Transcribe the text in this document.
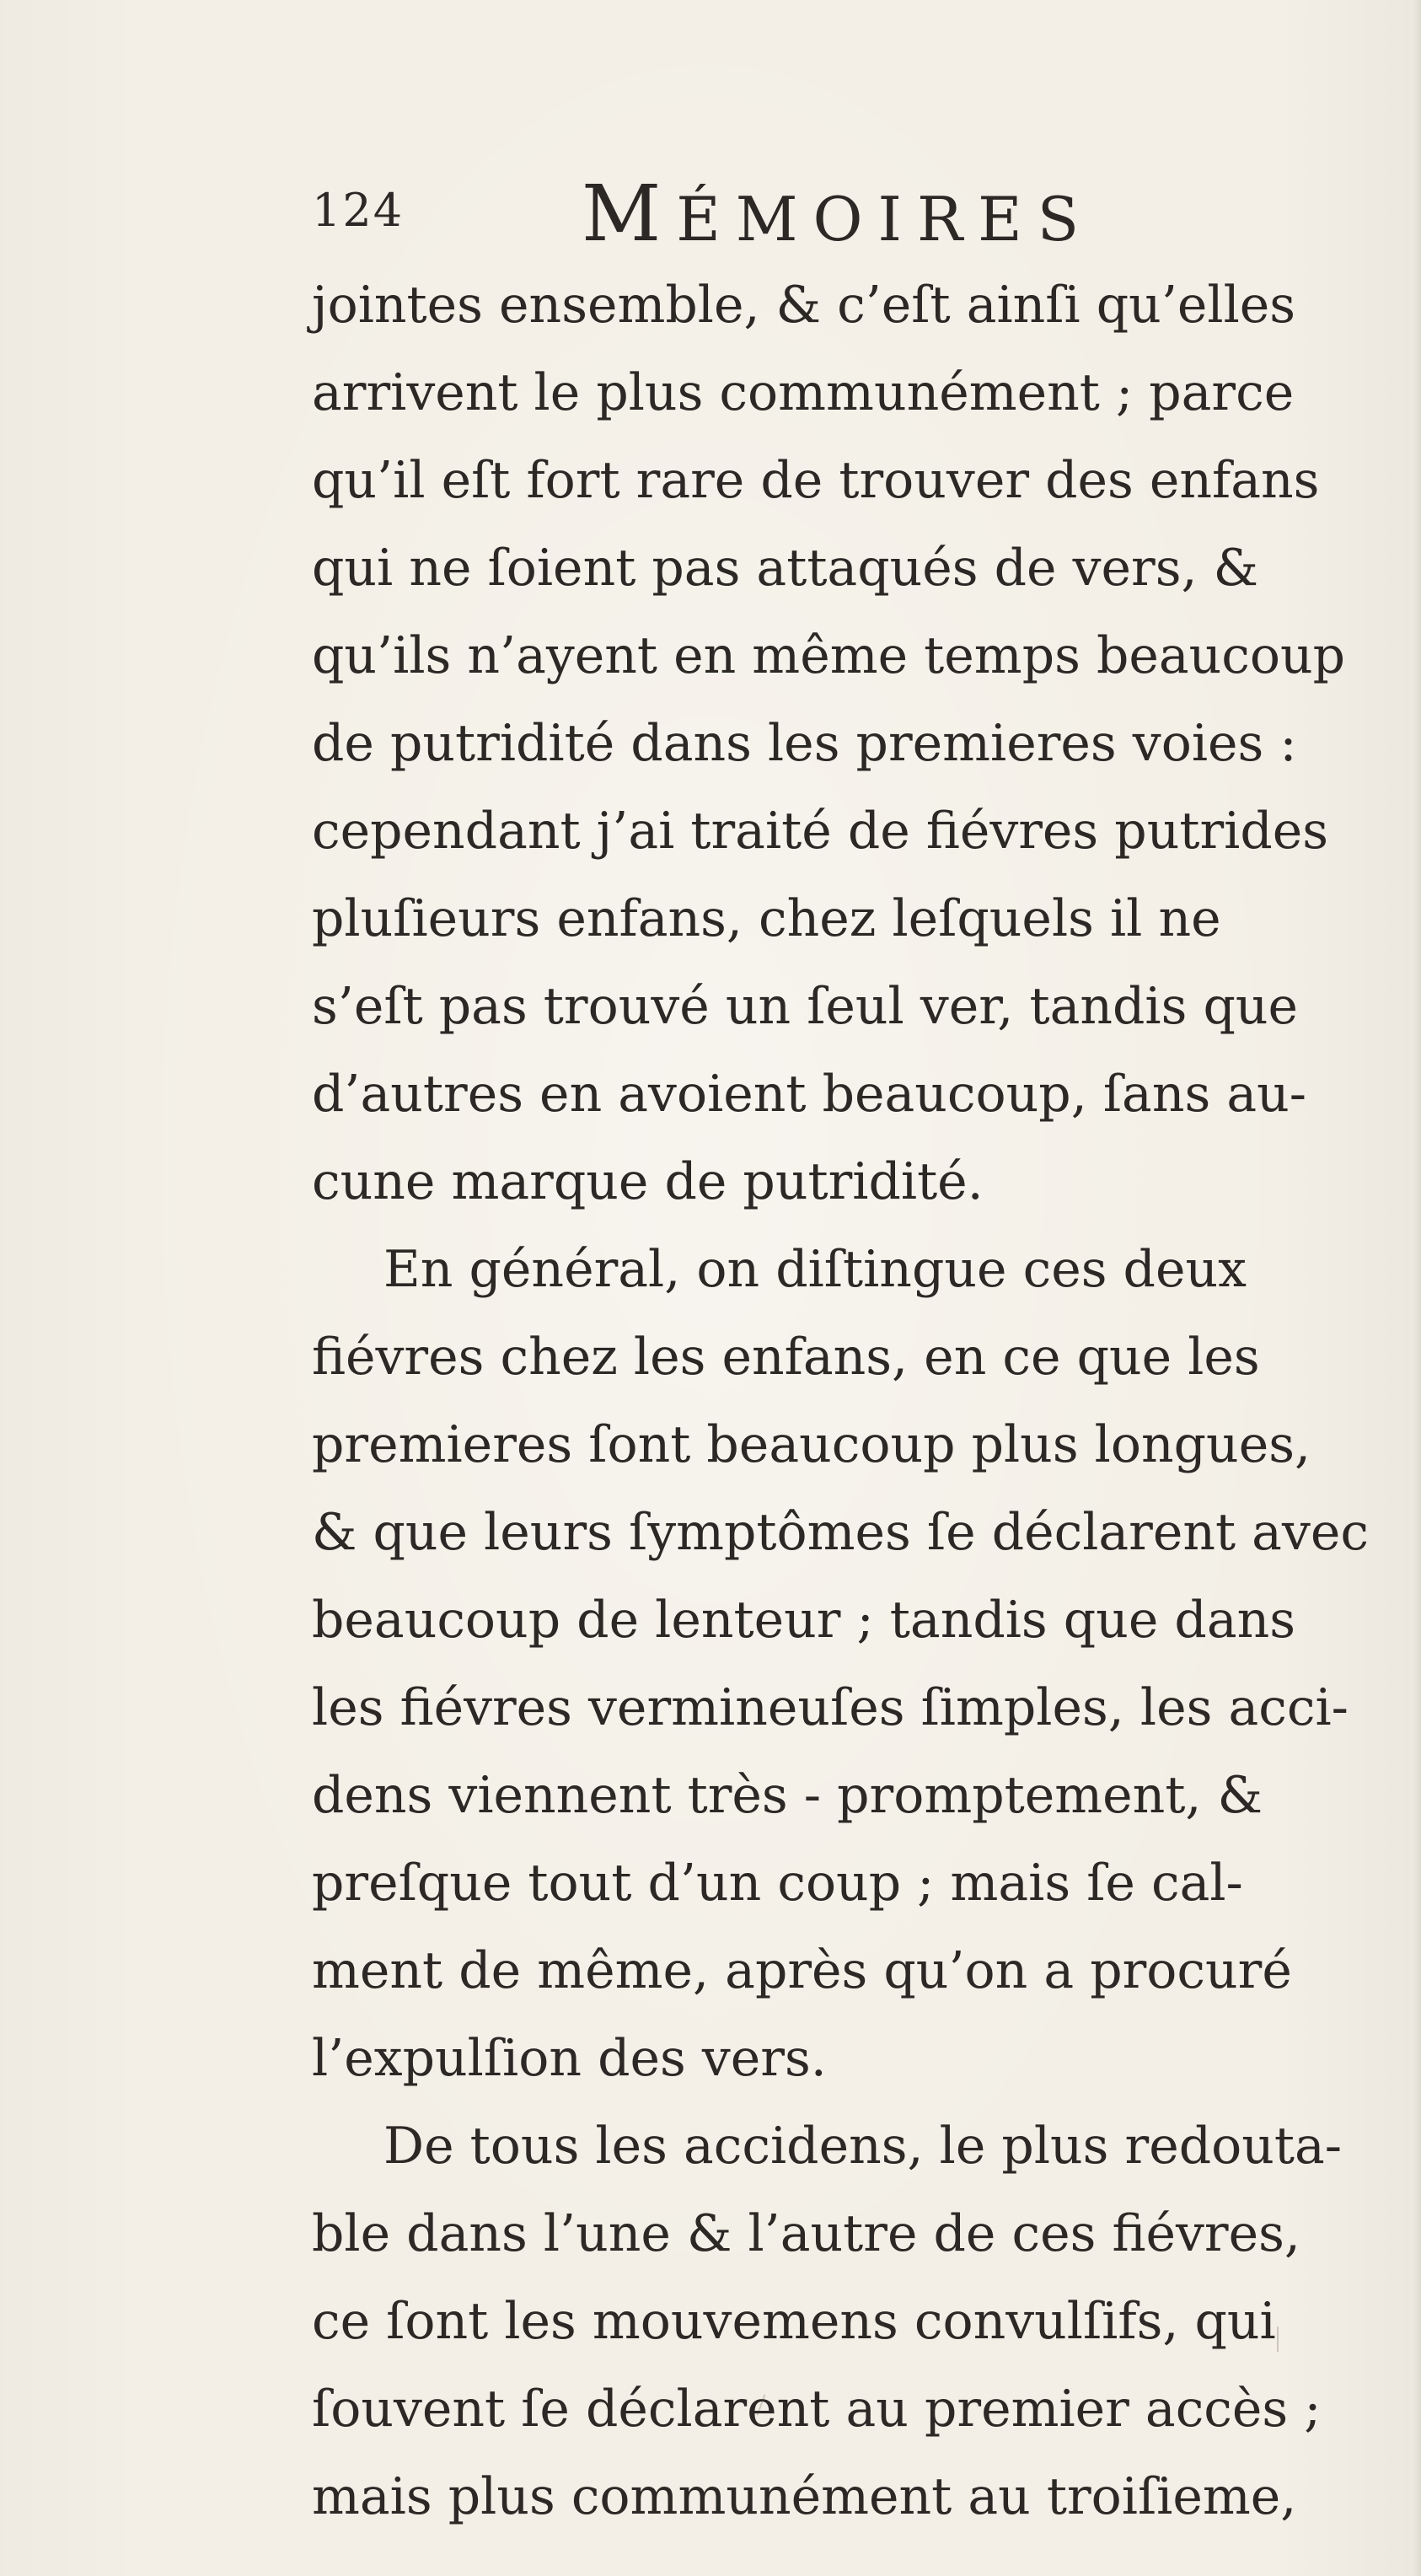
124 MÉMOIRES
jointes ensemble, & c’eſt ainſi qu’elles
arrivent le plus communément ; parce
qu’il eſt fort rare de trouver des enfans
qui ne ſoient pas attaqués de vers, &
qu’ils n’ayent en même temps beaucoup
de putridité dans les premieres voies :
cependant j’ai traité de fiévres putrides
pluſieurs enfans, chez leſquels il ne
s’eſt pas trouvé un ſeul ver, tandis que
d’autres en avoient beaucoup, ſans au-
cune marque de putridité.
En général, on diſtingue ces deux
fiévres chez les enfans, en ce que les
premieres ſont beaucoup plus longues,
& que leurs ſymptômes ſe déclarent avec
beaucoup de lenteur ; tandis que dans
les fiévres vermineuſes ſimples, les acci-
dens viennent très - promptement, &
preſque tout d’un coup ; mais ſe cal-
ment de même, après qu’on a procuré
l’expulſion des vers.
De tous les accidens, le plus redouta-
ble dans l’une & l’autre de ces fiévres,
ce ſont les mouvemens convulſifs, qui
ſouvent ſe déclarent au premier accès ;
mais plus communément au troiſieme,
